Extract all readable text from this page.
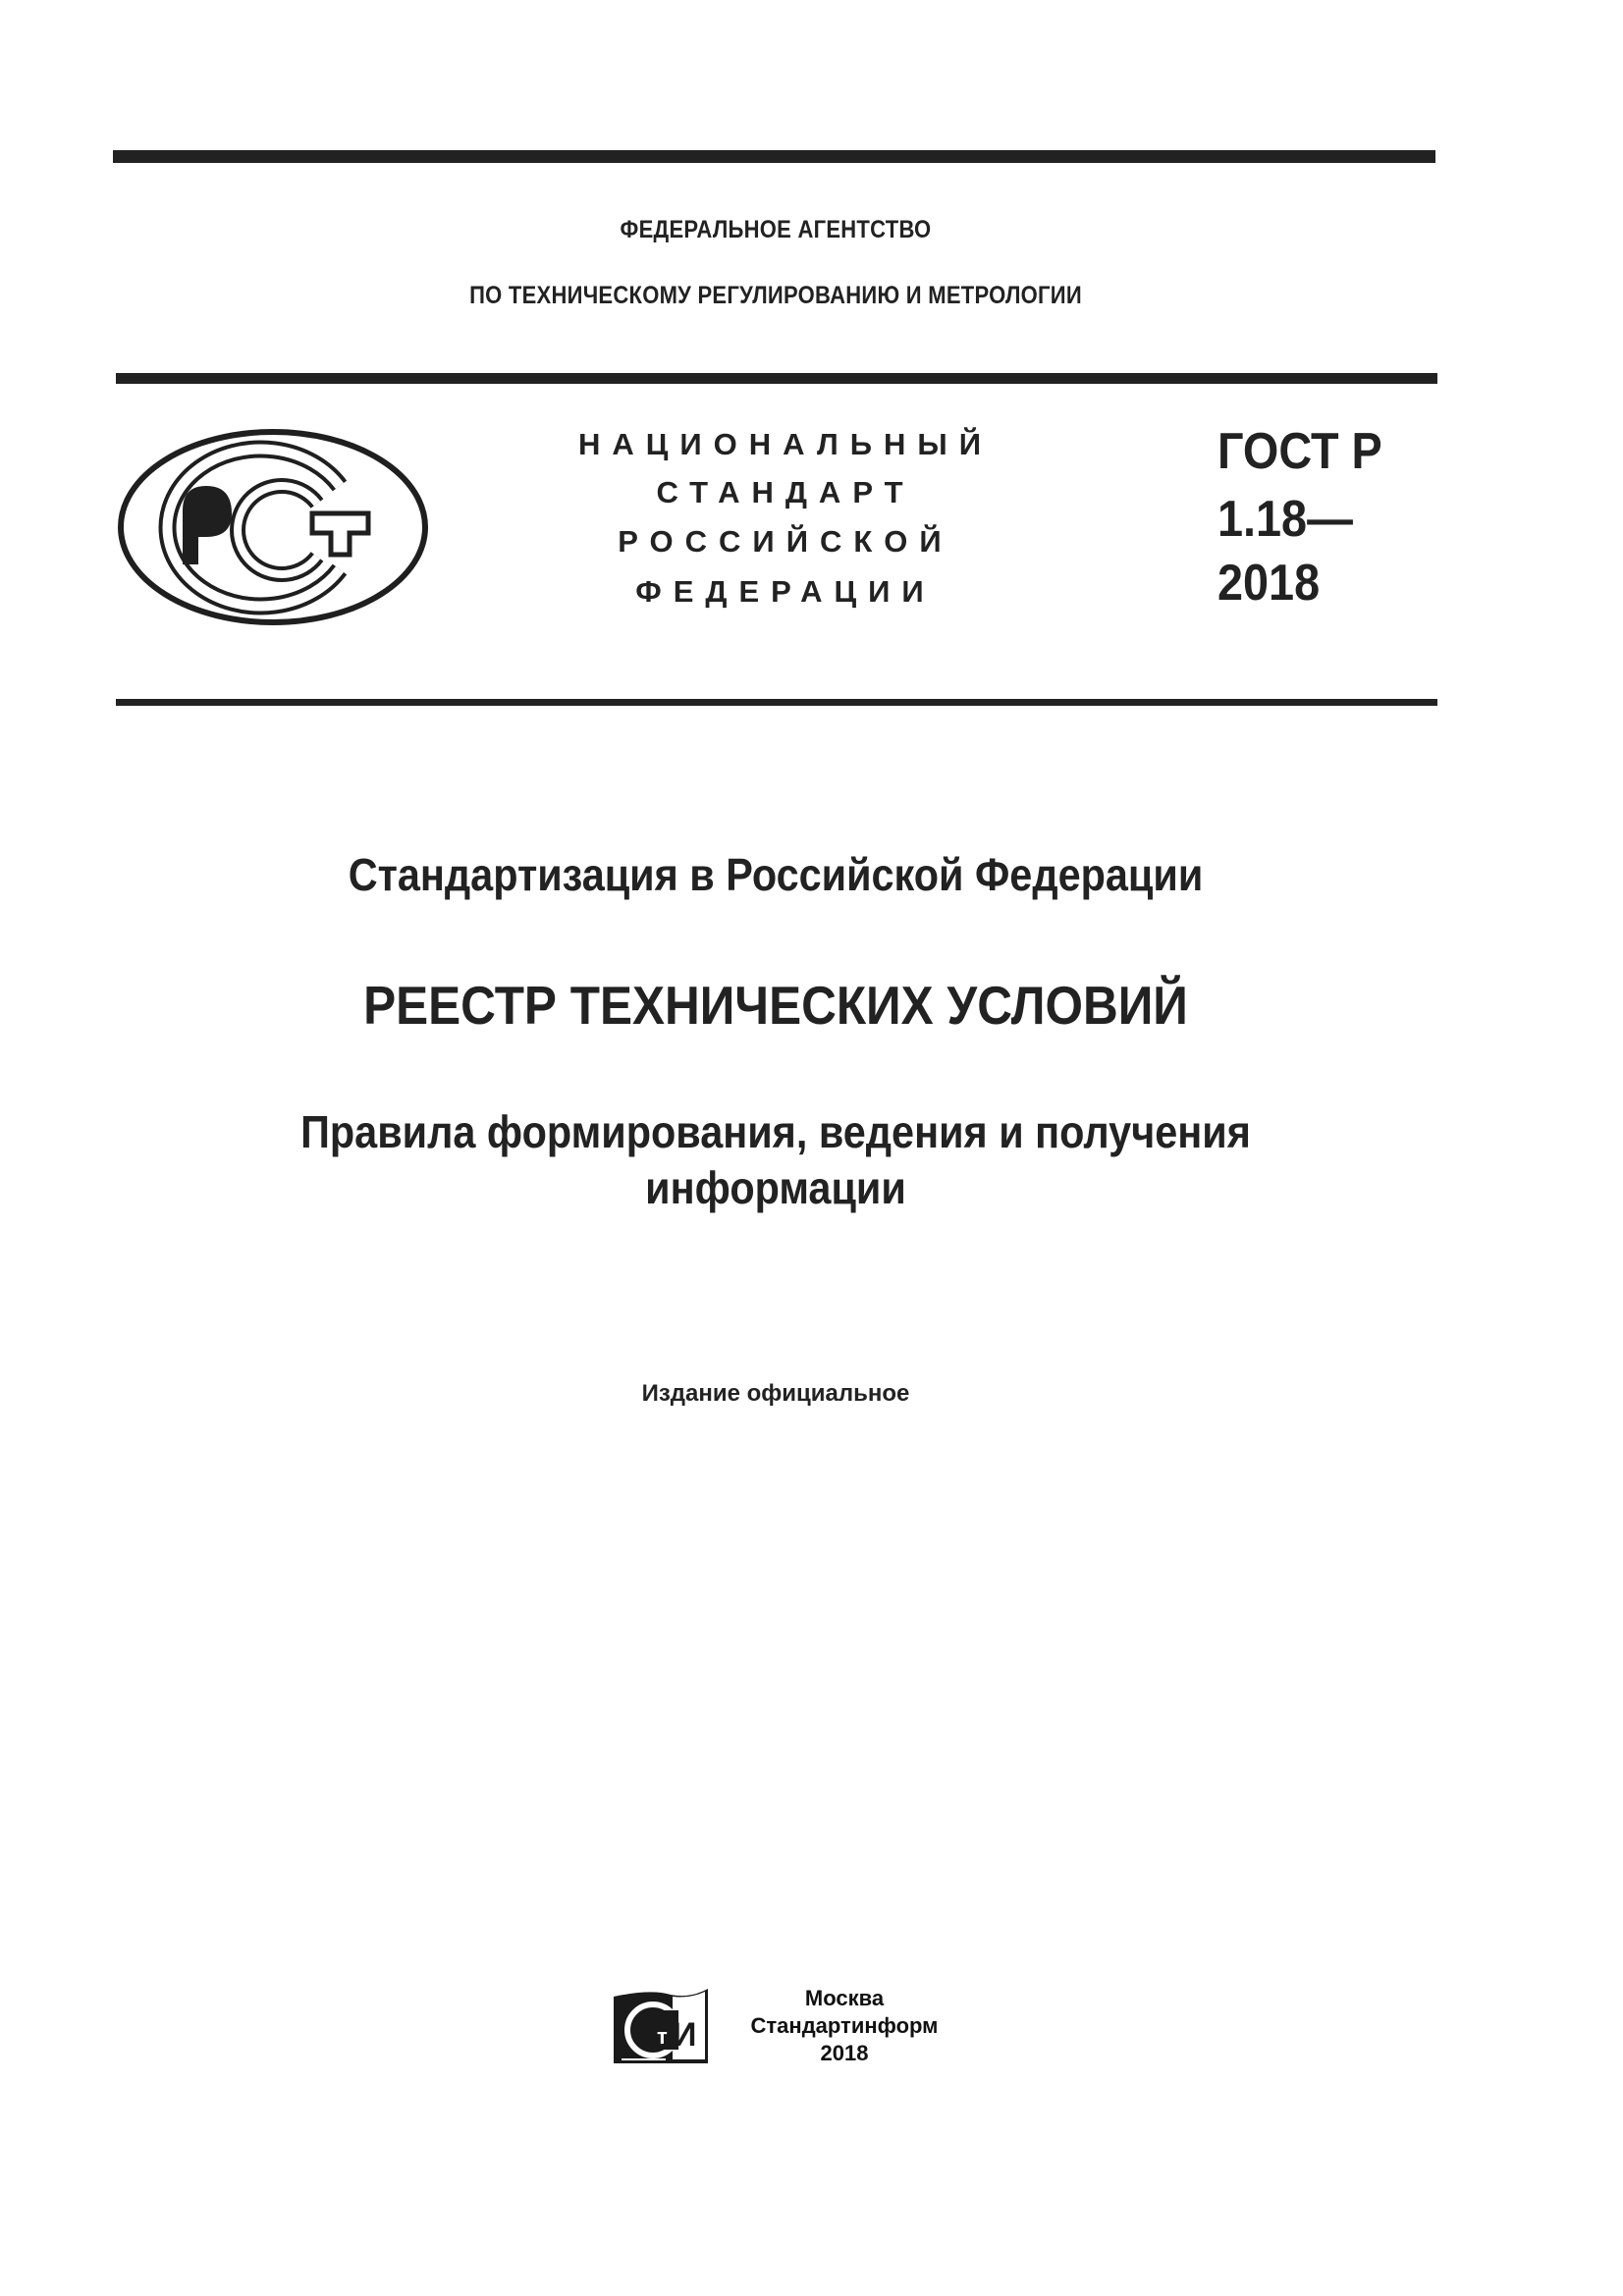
ФЕДЕРАЛЬНОЕ АГЕНТСТВО
ПО ТЕХНИЧЕСКОМУ РЕГУЛИРОВАНИЮ И МЕТРОЛОГИИ
НАЦИОНАЛЬНЫЙ
СТАНДАРТ
РОССИЙСКОЙ
ФЕДЕРАЦИИ
ГОСТ Р
1.18—
2018
Стандартизация в Российской Федерации
РЕЕСТР ТЕХНИЧЕСКИХ УСЛОВИЙ
Правила формирования, ведения и получения
информации
Издание официальное
т И
Москва
Стандартинформ
2018
